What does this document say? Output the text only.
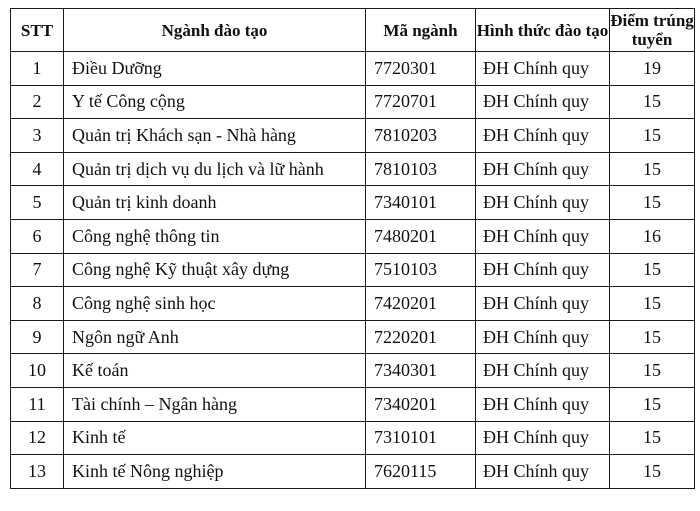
STT	Ngành đào tạo	Mã ngành	Hình thức đào tạo	Điểm trúng tuyển
1	Điều Dưỡng	7720301	ĐH Chính quy	19
2	Y tế Công cộng	7720701	ĐH Chính quy	15
3	Quản trị Khách sạn - Nhà hàng	7810203	ĐH Chính quy	15
4	Quản trị dịch vụ du lịch và lữ hành	7810103	ĐH Chính quy	15
5	Quản trị kinh doanh	7340101	ĐH Chính quy	15
6	Công nghệ thông tin	7480201	ĐH Chính quy	16
7	Công nghệ Kỹ thuật xây dựng	7510103	ĐH Chính quy	15
8	Công nghệ sinh học	7420201	ĐH Chính quy	15
9	Ngôn ngữ Anh	7220201	ĐH Chính quy	15
10	Kế toán	7340301	ĐH Chính quy	15
11	Tài chính – Ngân hàng	7340201	ĐH Chính quy	15
12	Kinh tế	7310101	ĐH Chính quy	15
13	Kinh tế Nông nghiệp	7620115	ĐH Chính quy	15
